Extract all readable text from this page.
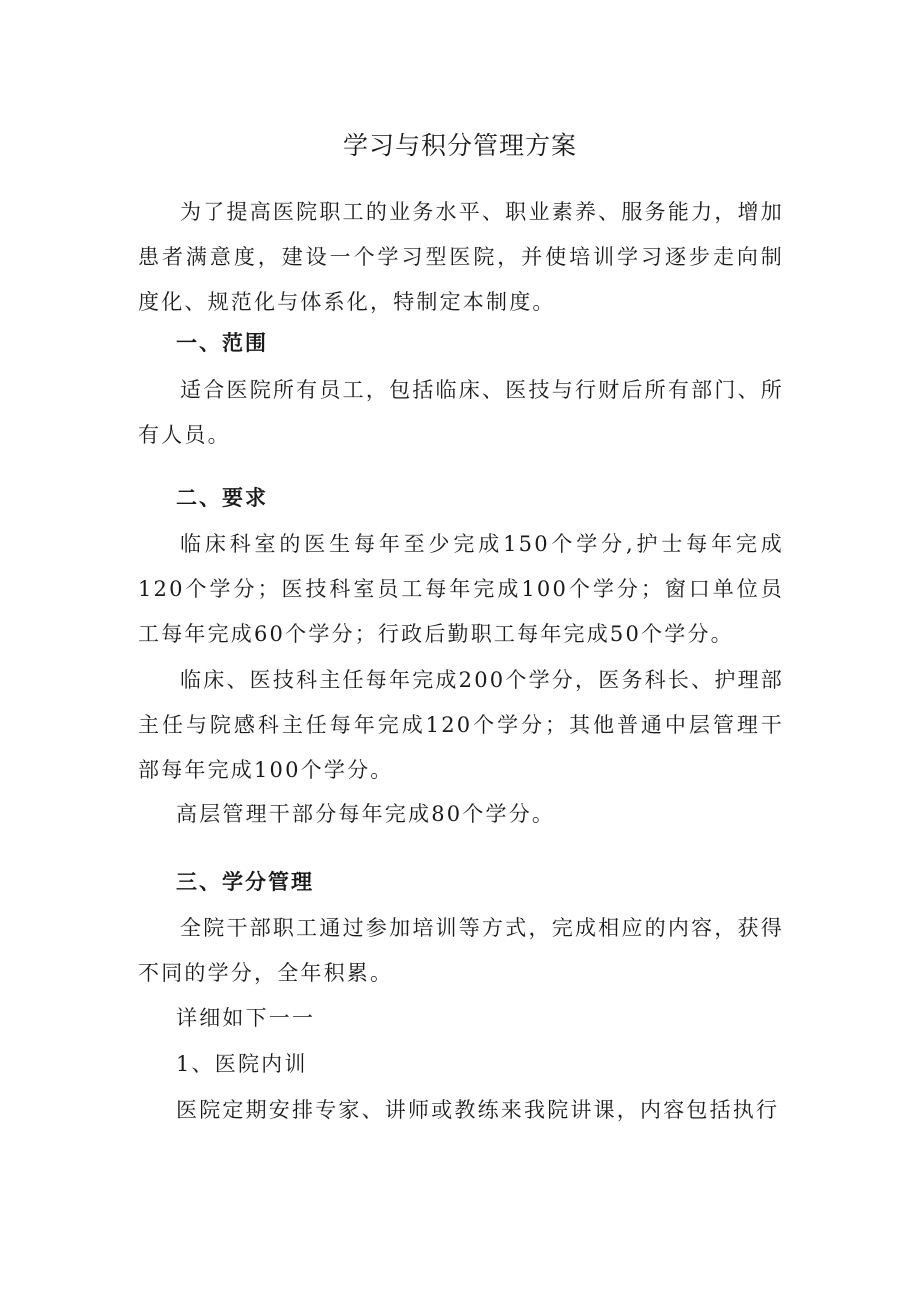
学习与积分管理方案
为了提高医院职工的业务水平、职业素养、服务能力，增加患者满意度，建设一个学习型医院，并使培训学习逐步走向制度化、规范化与体系化，特制定本制度。
一、范围
适合医院所有员工，包括临床、医技与行财后所有部门、所有人员。
二、要求
临床科室的医生每年至少完成150个学分,护士每年完成120个学分；医技科室员工每年完成100个学分；窗口单位员工每年完成60个学分；行政后勤职工每年完成50个学分。
临床、医技科主任每年完成200个学分，医务科长、护理部主任与院感科主任每年完成120个学分；其他普通中层管理干部每年完成100个学分。
高层管理干部分每年完成80个学分。
三、学分管理
全院干部职工通过参加培训等方式，完成相应的内容，获得不同的学分，全年积累。
详细如下一一
1、医院内训
医院定期安排专家、讲师或教练来我院讲课，内容包括执行
